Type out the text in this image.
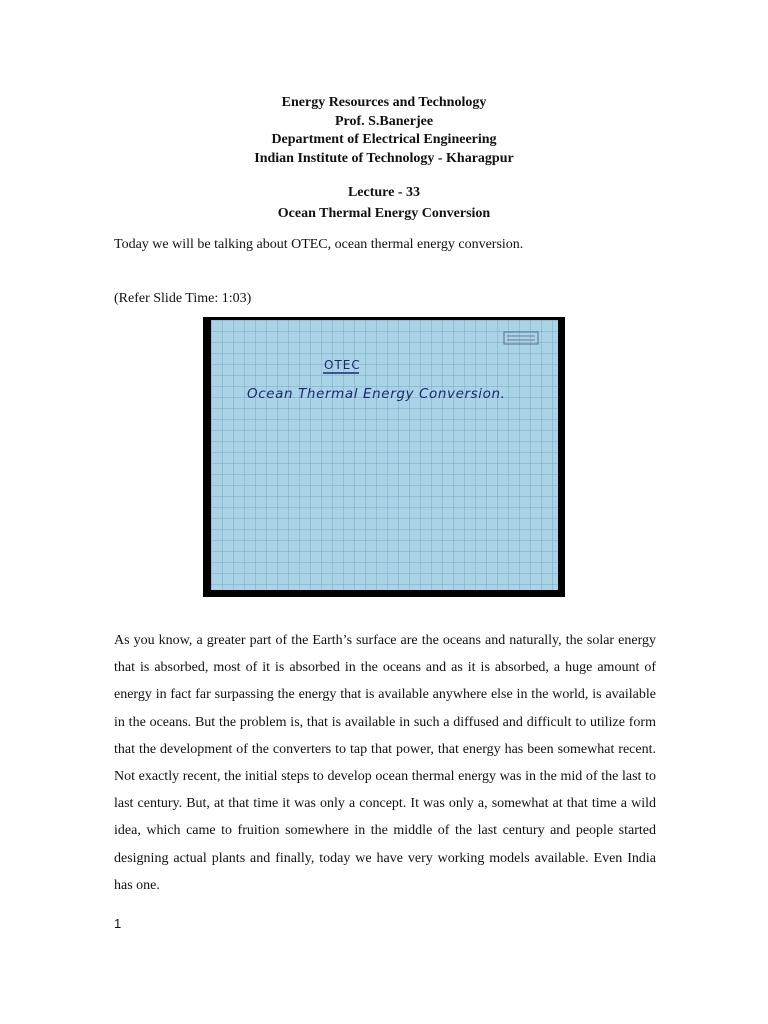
Energy Resources and Technology
Prof. S.Banerjee
Department of Electrical Engineering
Indian Institute of Technology - Kharagpur
Lecture - 33
Ocean Thermal Energy Conversion
Today we will be talking about OTEC, ocean thermal energy conversion.
(Refer Slide Time: 1:03)
OTEC
Ocean Thermal Energy Conversion.
As you know, a greater part of the Earth’s surface are the oceans and naturally, the solar energy that is absorbed, most of it is absorbed in the oceans and as it is absorbed, a huge amount of energy in fact far surpassing the energy that is available anywhere else in the world, is available in the oceans. But the problem is, that is available in such a diffused and difficult to utilize form that the development of the converters to tap that power, that energy has been somewhat recent. Not exactly recent, the initial steps to develop ocean thermal energy was in the mid of the last to last century. But, at that time it was only a concept. It was only a, somewhat at that time a wild idea, which came to fruition somewhere in the middle of the last century and people started designing actual plants and finally, today we have very working models available. Even India has one.
1
